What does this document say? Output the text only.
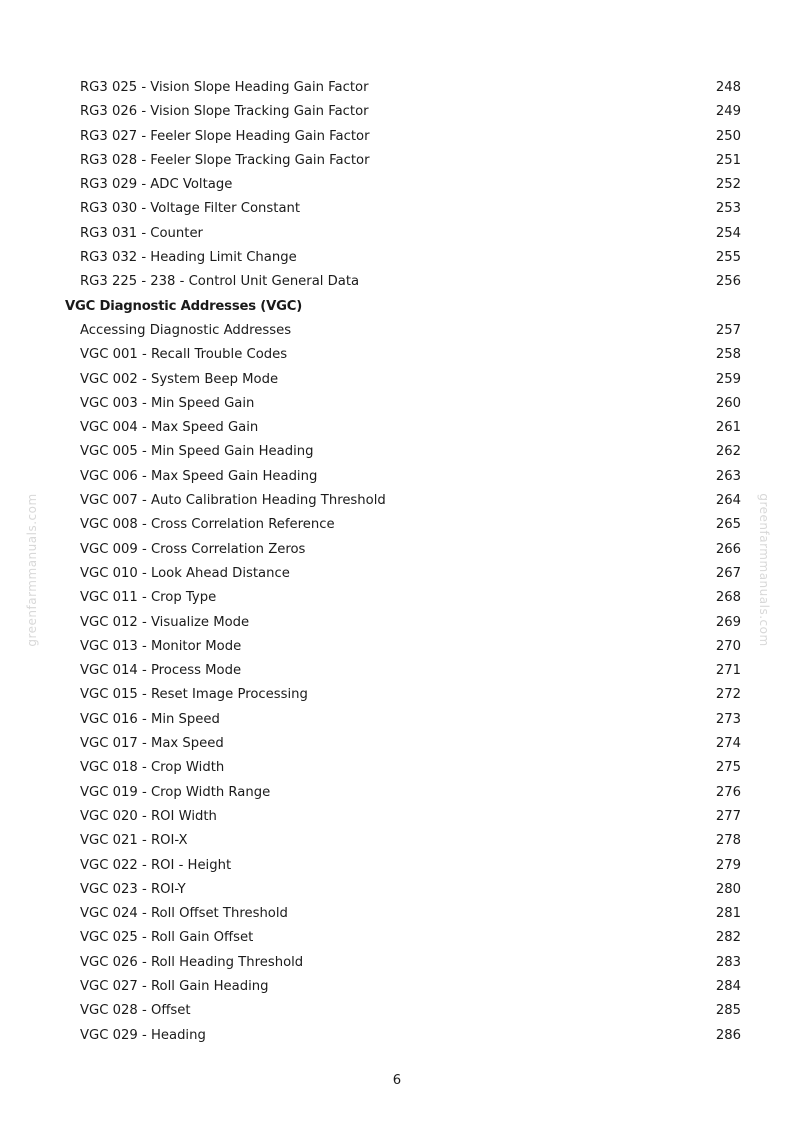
greenfarmmanuals.com	greenfarmmanuals.com
RG3 025 - Vision Slope Heading Gain Factor	248
RG3 026 - Vision Slope Tracking Gain Factor	249
RG3 027 - Feeler Slope Heading Gain Factor	250
RG3 028 - Feeler Slope Tracking Gain Factor	251
RG3 029 - ADC Voltage	252
RG3 030 - Voltage Filter Constant	253
RG3 031 - Counter	254
RG3 032 - Heading Limit Change	255
RG3 225 - 238 - Control Unit General Data	256
VGC Diagnostic Addresses (VGC)
Accessing Diagnostic Addresses	257
VGC 001 - Recall Trouble Codes	258
VGC 002 - System Beep Mode	259
VGC 003 - Min Speed Gain	260
VGC 004 - Max Speed Gain	261
VGC 005 - Min Speed Gain Heading	262
VGC 006 - Max Speed Gain Heading	263
VGC 007 - Auto Calibration Heading Threshold	264
VGC 008 - Cross Correlation Reference	265
VGC 009 - Cross Correlation Zeros	266
VGC 010 - Look Ahead Distance	267
VGC 011 - Crop Type	268
VGC 012 - Visualize Mode	269
VGC 013 - Monitor Mode	270
VGC 014 - Process Mode	271
VGC 015 - Reset Image Processing	272
VGC 016 - Min Speed	273
VGC 017 - Max Speed	274
VGC 018 - Crop Width	275
VGC 019 - Crop Width Range	276
VGC 020 - ROI Width	277
VGC 021 - ROI-X	278
VGC 022 - ROI - Height	279
VGC 023 - ROI-Y	280
VGC 024 - Roll Offset Threshold	281
VGC 025 - Roll Gain Offset	282
VGC 026 - Roll Heading Threshold	283
VGC 027 - Roll Gain Heading	284
VGC 028 - Offset	285
VGC 029 - Heading	286
6
